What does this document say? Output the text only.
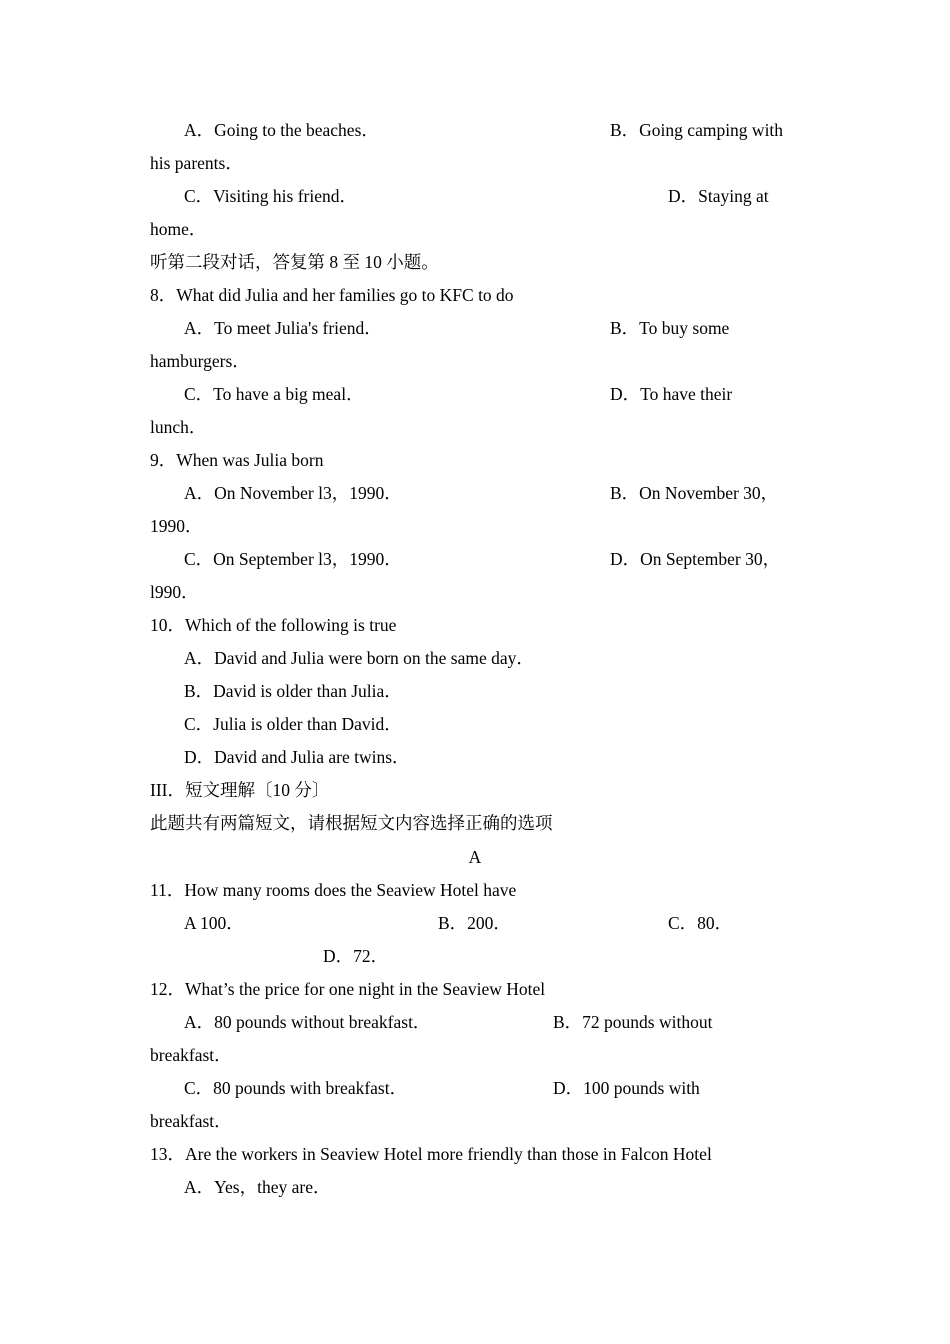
A．Going to the beaches．	B．Going camping with
his parents．
C．Visiting his friend．	D．Staying at
home．
听第二段对话，答复第 8 至 10 小题。
8．What did Julia and her families go to KFC to do
A．To meet Julia's friend．	B．To buy some
hamburgers．
C．To have a big meal．	D．To have their
lunch．
9．When was Julia born
A．On November l3，1990．	B．On November 30，
1990．
C．On September l3，1990．	D．On September 30，
l990．
10．Which of the following is true
A．David and Julia were born on the same day．
B．David is older than Julia．
C．Julia is older than David．
D．David and Julia are twins．
III．短文理解〔10 分〕
此题共有两篇短文，请根据短文内容选择正确的选项
A
11．How many rooms does the Seaview Hotel have
A 100．	B．200．	C．80．
D．72．
12．What’s the price for one night in the Seaview Hotel
A．80 pounds without breakfast．	B．72 pounds without
breakfast．
C．80 pounds with breakfast．	D．100 pounds with
breakfast．
13．Are the workers in Seaview Hotel more friendly than those in Falcon Hotel
A．Yes，they are．
